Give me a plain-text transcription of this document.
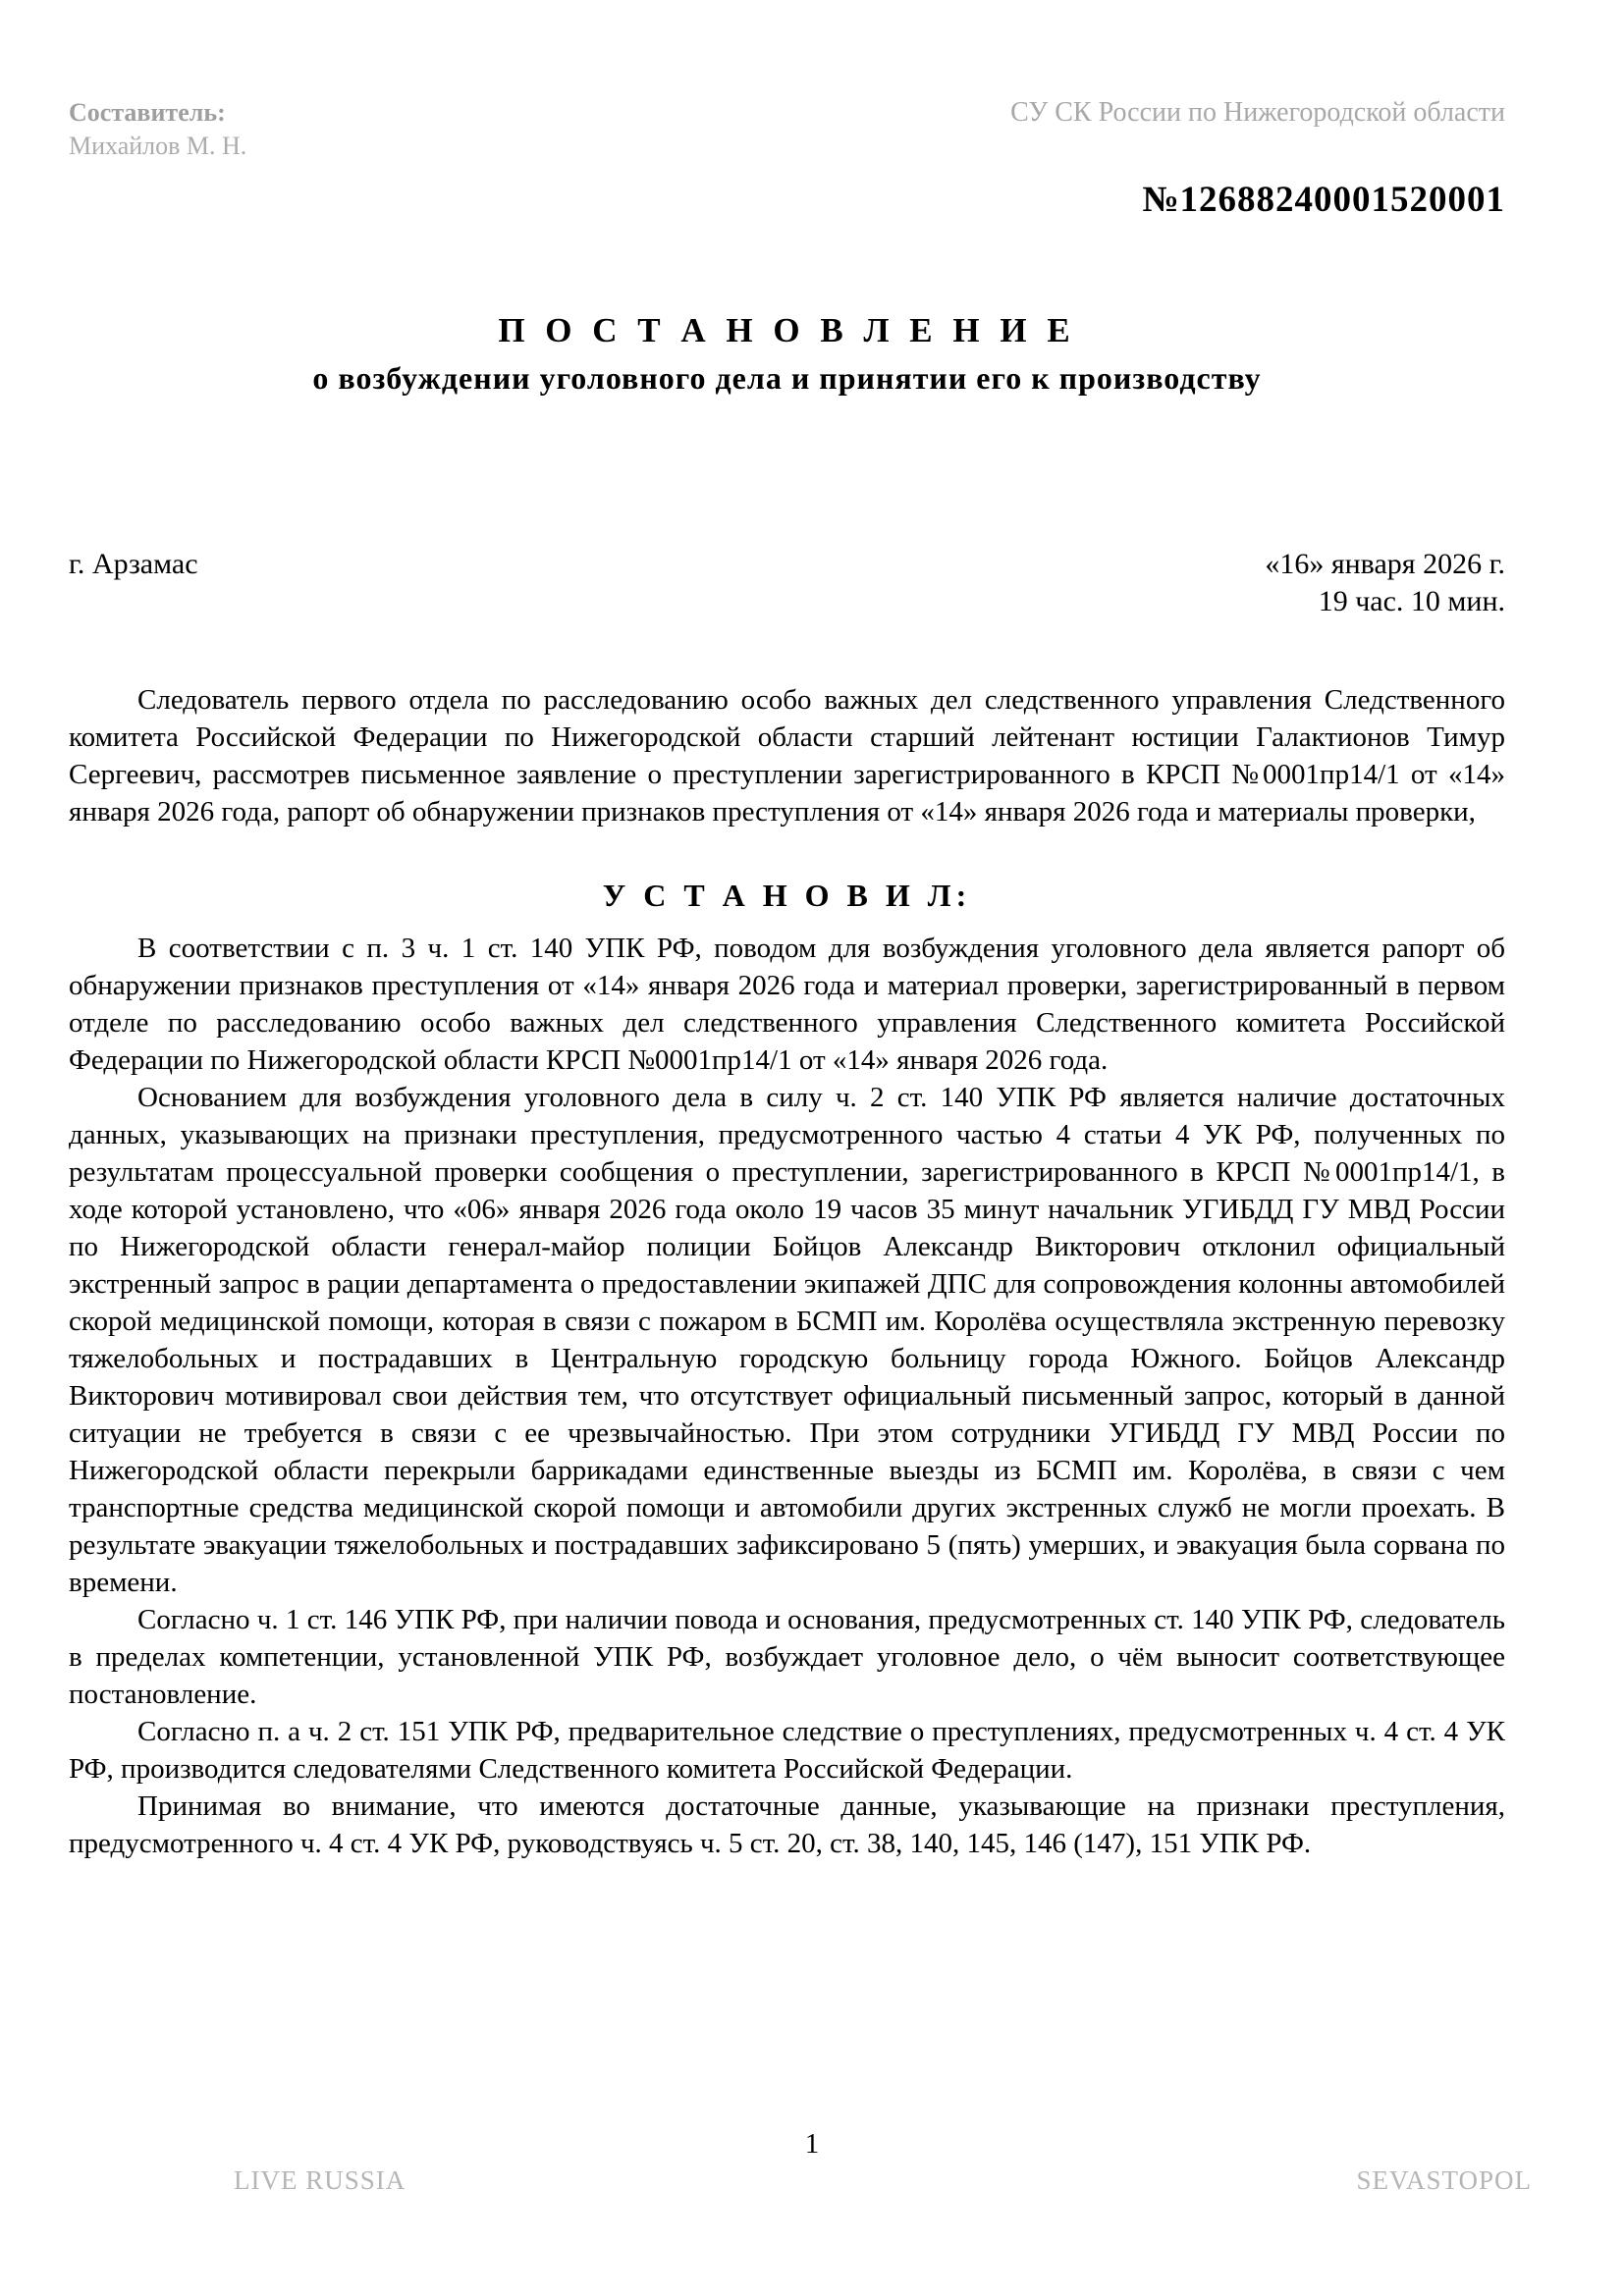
Составитель:
Михайлов М. Н.
СУ СК России по Нижегородской области
№12688240001520001
П О С Т А Н О В Л Е Н И Е
о возбуждении уголовного дела и принятии его к производству
г. Арзамас	«16» января 2026 г.
19 час. 10 мин.

Следователь первого отдела по расследованию особо важных дел следственного управления Следственного комитета Российской Федерации по Нижегородской области старший лейтенант юстиции Галактионов Тимур Сергеевич, рассмотрев письменное заявление о преступлении зарегистрированного в КРСП №0001пр14/1 от «14» января 2026 года, рапорт об обнаружении признаков преступления от «14» января 2026 года и материалы проверки,

У С Т А Н О В И Л:

В соответствии с п. 3 ч. 1 ст. 140 УПК РФ, поводом для возбуждения уголовного дела является рапорт об обнаружении признаков преступления от «14» января 2026 года и материал проверки, зарегистрированный в первом отделе по расследованию особо важных дел следственного управления Следственного комитета Российской Федерации по Нижегородской области КРСП №0001пр14/1 от «14» января 2026 года.

Основанием для возбуждения уголовного дела в силу ч. 2 ст. 140 УПК РФ является наличие достаточных данных, указывающих на признаки преступления, предусмотренного частью 4 статьи 4 УК РФ, полученных по результатам процессуальной проверки сообщения о преступлении, зарегистрированного в КРСП №0001пр14/1, в ходе которой установлено, что «06» января 2026 года около 19 часов 35 минут начальник УГИБДД ГУ МВД России по Нижегородской области генерал-майор полиции Бойцов Александр Викторович отклонил официальный экстренный запрос в рации департамента о предоставлении экипажей ДПС для сопровождения колонны автомобилей скорой медицинской помощи, которая в связи с пожаром в БСМП им. Королёва осуществляла экстренную перевозку тяжелобольных и пострадавших в Центральную городскую больницу города Южного. Бойцов Александр Викторович мотивировал свои действия тем, что отсутствует официальный письменный запрос, который в данной ситуации не требуется в связи с ее чрезвычайностью. При этом сотрудники УГИБДД ГУ МВД России по Нижегородской области перекрыли баррикадами единственные выезды из БСМП им. Королёва, в связи с чем транспортные средства медицинской скорой помощи и автомобили других экстренных служб не могли проехать. В результате эвакуации тяжелобольных и пострадавших зафиксировано 5 (пять) умерших, и эвакуация была сорвана по времени.

Согласно ч. 1 ст. 146 УПК РФ, при наличии повода и основания, предусмотренных ст. 140 УПК РФ, следователь в пределах компетенции, установленной УПК РФ, возбуждает уголовное дело, о чём выносит соответствующее постановление.

Согласно п. а ч. 2 ст. 151 УПК РФ, предварительное следствие о преступлениях, предусмотренных ч. 4 ст. 4 УК РФ, производится следователями Следственного комитета Российской Федерации.

Принимая во внимание, что имеются достаточные данные, указывающие на признаки преступления, предусмотренного ч. 4 ст. 4 УК РФ, руководствуясь ч. 5 ст. 20, ст. 38, 140, 145, 146 (147), 151 УПК РФ.

1
LIVE RUSSIA	SEVASTOPOL
